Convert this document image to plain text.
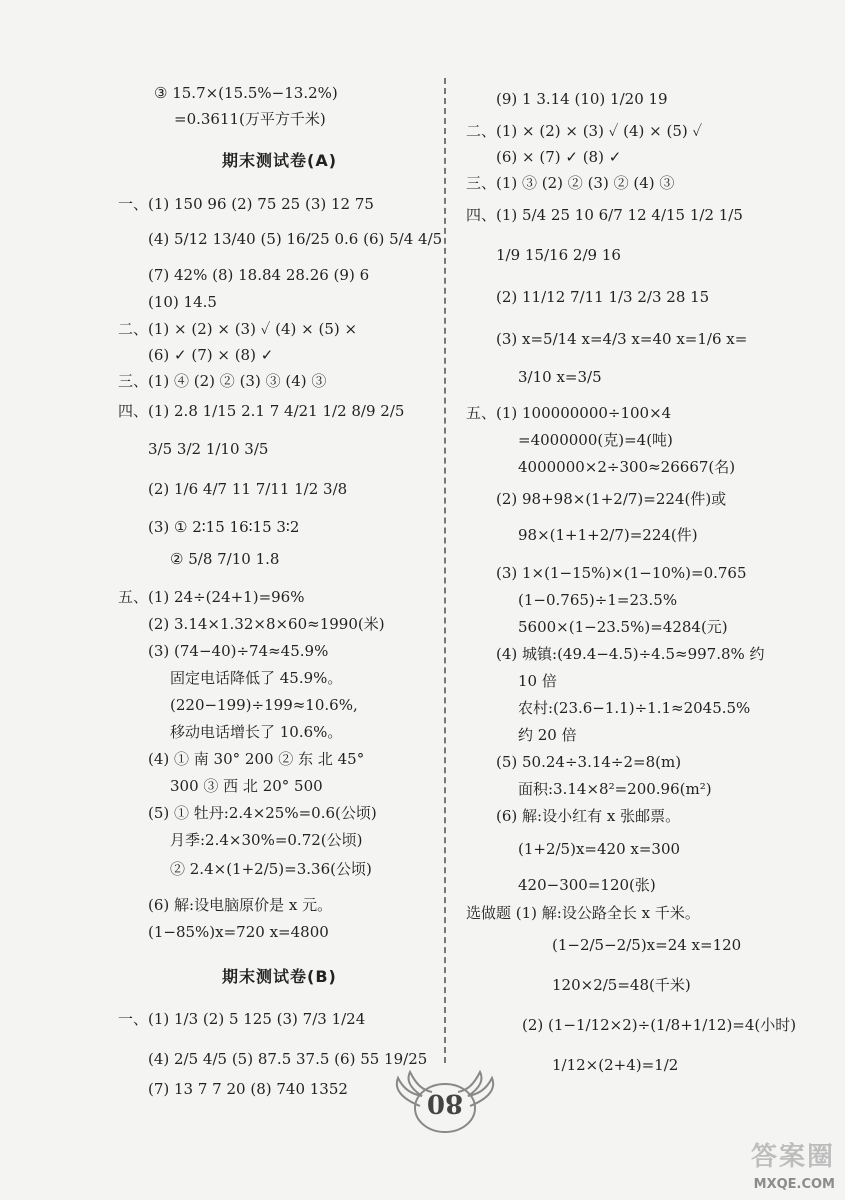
期末测试卷(A)
期末测试卷(B)
③ 15.7×(15.5%−13.2%)
=0.3611(万平方千米)
一、(1) 150 96 (2) 75 25 (3) 12 75
(4) 5/12 13/40 (5) 16/25 0.6 (6) 5/4 4/5
(7) 42% (8) 18.84 28.26 (9) 6
(10) 14.5
二、(1) × (2) × (3) ✓ (4) × (5) ×
(6) ✓ (7) × (8) ✓
三、(1) ④ (2) ② (3) ③ (4) ③
四、(1) 2.8 1/15 2.1 7 4/21 1/2 8/9 2/5
3/5 3/2 1/10 3/5
(2) 1/6 4/7 11 7/11 1/2 3/8
(3) ① 2∶15 16∶15 3∶2
② 5/8 7/10 1.8
五、(1) 24÷(24+1)=96%
(2) 3.14×1.32×8×60≈1990(米)
(3) (74−40)÷74≈45.9%
固定电话降低了 45.9%。
(220−199)÷199≈10.6%,
移动电话增长了 10.6%。
(4) ① 南 30° 200 ② 东 北 45°
300 ③ 西 北 20° 500
(5) ① 牡丹:2.4×25%=0.6(公顷)
月季:2.4×30%=0.72(公顷)
② 2.4×(1+2/5)=3.36(公顷)
(6) 解:设电脑原价是 x 元。
(1−85%)x=720 x=4800
一、(1) 1/3 (2) 5 125 (3) 7/3 1/24
(4) 2/5 4/5 (5) 87.5 37.5 (6) 55 19/25
(7) 13 7 7 20 (8) 740 1352
(9) 1 3.14 (10) 1/20 19
二、(1) × (2) × (3) ✓ (4) × (5) ✓
(6) × (7) ✓ (8) ✓
三、(1) ③ (2) ② (3) ② (4) ③
四、(1) 5/4 25 10 6/7 12 4/15 1/2 1/5
1/9 15/16 2/9 16
(2) 11/12 7/11 1/3 2/3 28 15
(3) x=5/14 x=4/3 x=40 x=1/6 x=
3/10 x=3/5
五、(1) 100000000÷100×4
=4000000(克)=4(吨)
4000000×2÷300≈26667(名)
(2) 98+98×(1+2/7)=224(件)或
98×(1+1+2/7)=224(件)
(3) 1×(1−15%)×(1−10%)=0.765
(1−0.765)÷1=23.5%
5600×(1−23.5%)=4284(元)
(4) 城镇:(49.4−4.5)÷4.5≈997.8% 约
10 倍
农村:(23.6−1.1)÷1.1≈2045.5%
约 20 倍
(5) 50.24÷3.14÷2=8(m)
面积:3.14×8²=200.96(m²)
(6) 解:设小红有 x 张邮票。
(1+2/5)x=420 x=300
420−300=120(张)
选做题 (1) 解:设公路全长 x 千米。
(1−2/5−2/5)x=24 x=120
120×2/5=48(千米)
(2) (1−1/12×2)÷(1/8+1/12)=4(小时)
1/12×(2+4)=1/2
80
答案圈
MXQE.COM
